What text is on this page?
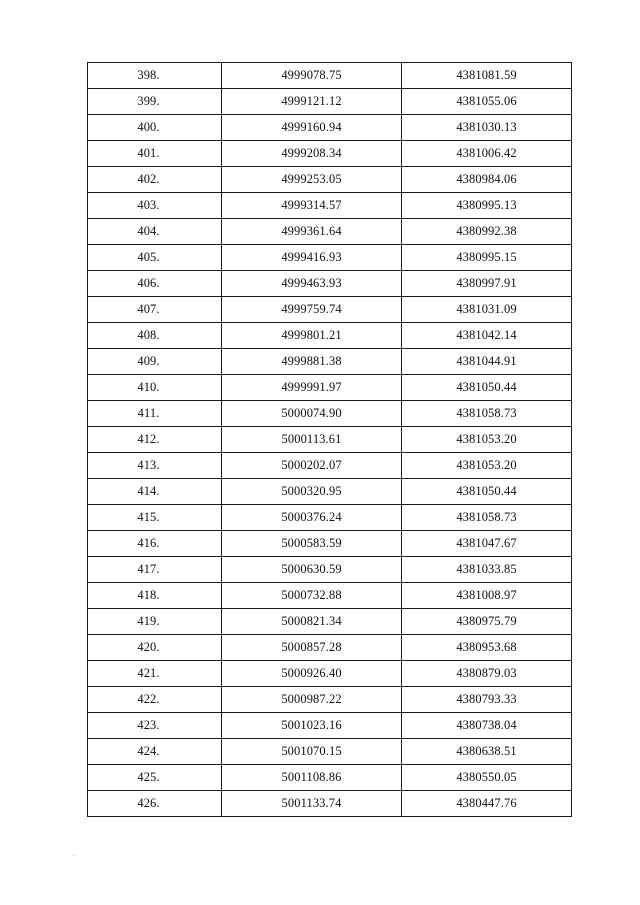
398.	4999078.75	4381081.59
399.	4999121.12	4381055.06
400.	4999160.94	4381030.13
401.	4999208.34	4381006.42
402.	4999253.05	4380984.06
403.	4999314.57	4380995.13
404.	4999361.64	4380992.38
405.	4999416.93	4380995.15
406.	4999463.93	4380997.91
407.	4999759.74	4381031.09
408.	4999801.21	4381042.14
409.	4999881.38	4381044.91
410.	4999991.97	4381050.44
411.	5000074.90	4381058.73
412.	5000113.61	4381053.20
413.	5000202.07	4381053.20
414.	5000320.95	4381050.44
415.	5000376.24	4381058.73
416.	5000583.59	4381047.67
417.	5000630.59	4381033.85
418.	5000732.88	4381008.97
419.	5000821.34	4380975.79
420.	5000857.28	4380953.68
421.	5000926.40	4380879.03
422.	5000987.22	4380793.33
423.	5001023.16	4380738.04
424.	5001070.15	4380638.51
425.	5001108.86	4380550.05
426.	5001133.74	4380447.76
